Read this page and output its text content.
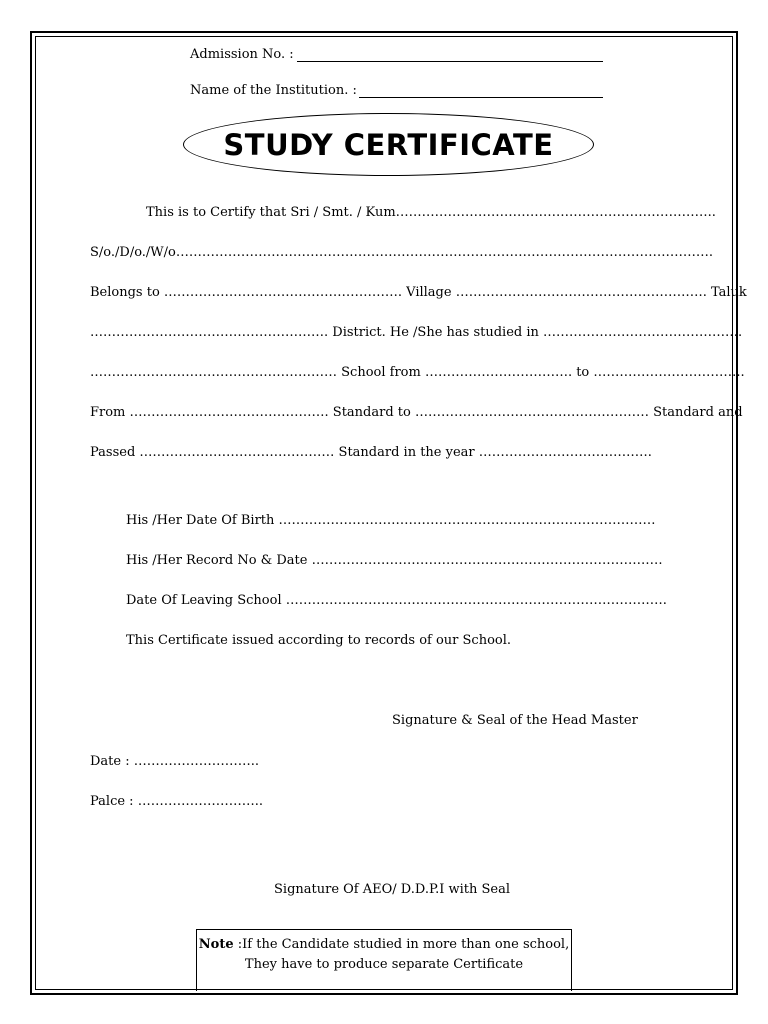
Admission No. :
Name of the Institution. :
STUDY CERTIFICATE
This is to Certify that Sri / Smt. / Kum………………………………………………………………..
S/o./D/o./W/o…………………………………………………………………………………………………………….
Belongs to ………………………………………………. Village …………………………………………………. Taluk
………………………………………………. District. He /She has studied in ……………………………………….
………………………………………………… School from ……………………………. to ……………………………..
From ………………………………………. Standard to ……………………………………………… Standard and
Passed ……………………………………… Standard in the year ………………………………….
His /Her Date Of Birth ……………………………………………………………………………
His /Her Record No & Date ………………………………………………………………………
Date Of Leaving School …………………………………………………………………………….
This Certificate issued according to records of our School.
Signature & Seal of the Head Master
Date : ………………………..
Palce : ………………………..
Signature Of AEO/ D.D.P.I with Seal
Note :If the Candidate studied in more than one school,
They have to produce separate Certificate
